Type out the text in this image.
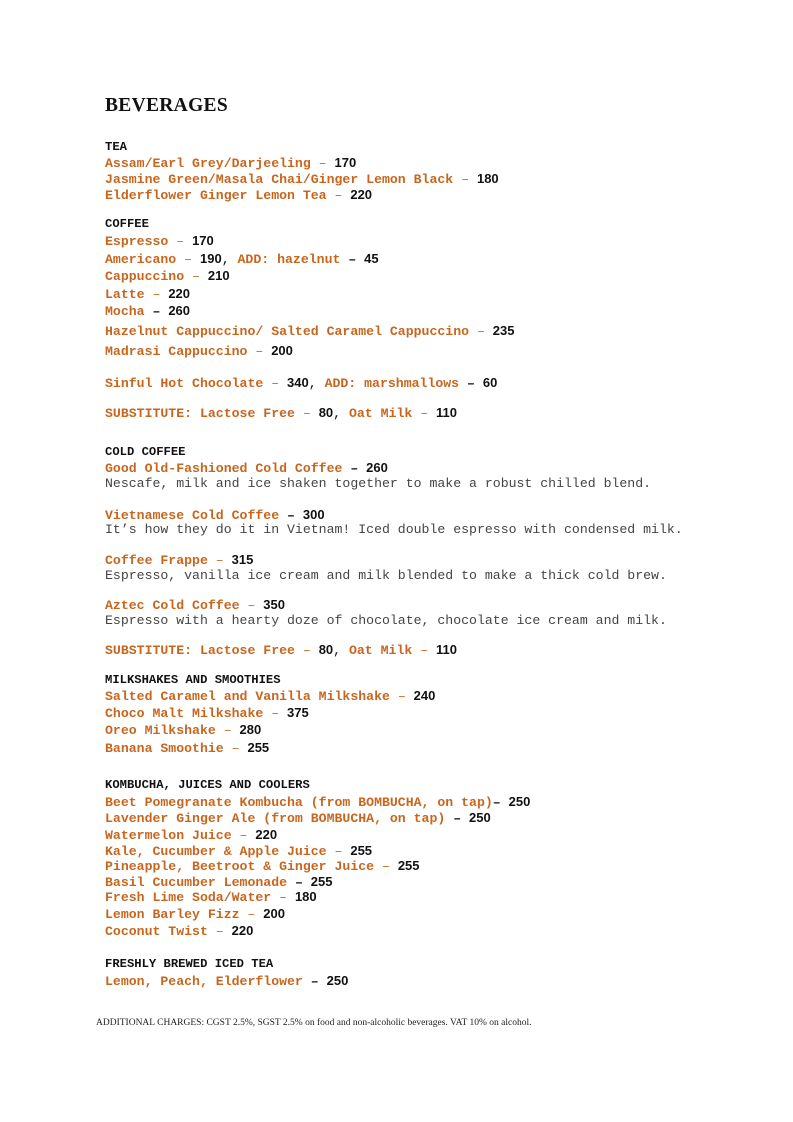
BEVERAGES
TEA
Assam/Earl Grey/Darjeeling – 170
Jasmine Green/Masala Chai/Ginger Lemon Black – 180
Elderflower Ginger Lemon Tea – 220
COFFEE
Espresso – 170
Americano – 190, ADD: hazelnut – 45
Cappuccino – 210
Latte – 220
Mocha – 260
Hazelnut Cappuccino/ Salted Caramel Cappuccino – 235
Madrasi Cappuccino – 200
Sinful Hot Chocolate – 340, ADD: marshmallows – 60
SUBSTITUTE: Lactose Free – 80, Oat Milk – 110
COLD COFFEE
Good Old-Fashioned Cold Coffee – 260
Nescafe, milk and ice shaken together to make a robust chilled blend.
Vietnamese Cold Coffee – 300
It’s how they do it in Vietnam! Iced double espresso with condensed milk.
Coffee Frappe – 315
Espresso, vanilla ice cream and milk blended to make a thick cold brew.
Aztec Cold Coffee – 350
Espresso with a hearty doze of chocolate, chocolate ice cream and milk.
SUBSTITUTE: Lactose Free – 80, Oat Milk – 110
MILKSHAKES AND SMOOTHIES
Salted Caramel and Vanilla Milkshake – 240
Choco Malt Milkshake – 375
Oreo Milkshake – 280
Banana Smoothie – 255
KOMBUCHA, JUICES AND COOLERS
Beet Pomegranate Kombucha (from BOMBUCHA, on tap)– 250
Lavender Ginger Ale (from BOMBUCHA, on tap) – 250
Watermelon Juice – 220
Kale, Cucumber & Apple Juice – 255
Pineapple, Beetroot & Ginger Juice – 255
Basil Cucumber Lemonade – 255
Fresh Lime Soda/Water – 180
Lemon Barley Fizz – 200
Coconut Twist – 220
FRESHLY BREWED ICED TEA
Lemon, Peach, Elderflower – 250
ADDITIONAL CHARGES: CGST 2.5%, SGST 2.5% on food and non-alcoholic beverages. VAT 10% on alcohol.
